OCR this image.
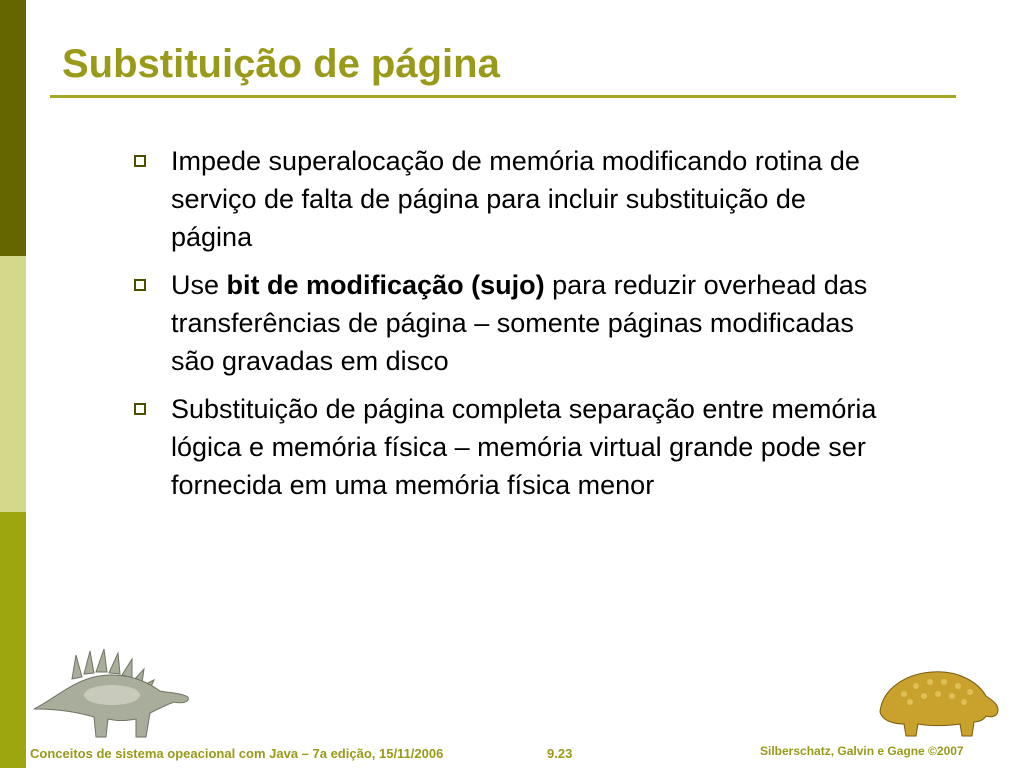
Substituição de página
Impede superalocação de memória modificando rotina de serviço de falta de página para incluir substituição de página
Use bit de modificação (sujo) para reduzir overhead das transferências de página – somente páginas modificadas são gravadas em disco
Substituição de página completa separação entre memória lógica e memória física – memória virtual grande pode ser fornecida em uma memória física menor
Conceitos de sistema opeacional com Java – 7a edição, 15/11/2006	9.23	Silberschatz, Galvin e Gagne ©2007
